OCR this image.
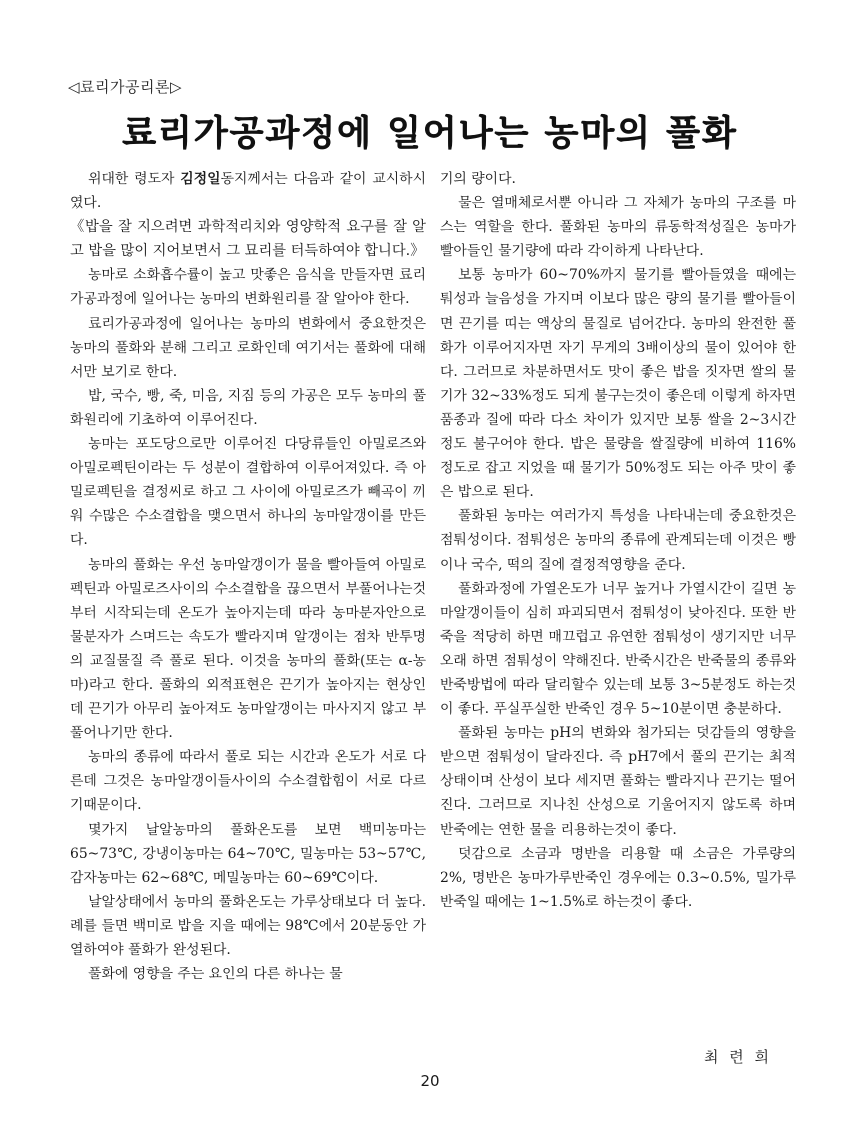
◁료리가공리론▷
료리가공과정에 일어나는 농마의 풀화

위대한 령도자 김정일동지께서는 다음과 같이 교시하시였다.

《밥을 잘 지으려면 과학적리치와 영양학적 요구를 잘 알고 밥을 많이 지어보면서 그 묘리를 터득하여야 합니다.》

농마로 소화흡수률이 높고 맛좋은 음식을 만들자면 료리가공과정에 일어나는 농마의 변화원리를 잘 알아야 한다.

료리가공과정에 일어나는 농마의 변화에서 중요한것은 농마의 풀화와 분해 그리고 로화인데 여기서는 풀화에 대해서만 보기로 한다.

밥, 국수, 빵, 죽, 미음, 지짐 등의 가공은 모두 농마의 풀화원리에 기초하여 이루어진다.

농마는 포도당으로만 이루어진 다당류들인 아밀로즈와 아밀로펙틴이라는 두 성분이 결합하여 이루어져있다. 즉 아밀로펙틴을 결정씨로 하고 그 사이에 아밀로즈가 빼곡이 끼워 수많은 수소결합을 맺으면서 하나의 농마알갱이를 만든다.

농마의 풀화는 우선 농마알갱이가 물을 빨아들여 아밀로펙틴과 아밀로즈사이의 수소결합을 끊으면서 부풀어나는것부터 시작되는데 온도가 높아지는데 따라 농마분자안으로 물분자가 스며드는 속도가 빨라지며 알갱이는 점차 반투명의 교질물질 즉 풀로 된다. 이것을 농마의 풀화(또는 α-농마)라고 한다. 풀화의 외적표현은 끈기가 높아지는 현상인데 끈기가 아무리 높아져도 농마알갱이는 마사지지 않고 부풀어나기만 한다.

농마의 종류에 따라서 풀로 되는 시간과 온도가 서로 다른데 그것은 농마알갱이들사이의 수소결합힘이 서로 다르기때문이다.

몇가지 날알농마의 풀화온도를 보면 백미농마는 65~73℃, 강냉이농마는 64~70℃, 밀농마는 53~57℃, 감자농마는 62~68℃, 메밀농마는 60~69℃이다.

날알상태에서 농마의 풀화온도는 가루상태보다 더 높다. 례를 들면 백미로 밥을 지을 때에는 98℃에서 20분동안 가열하여야 풀화가 완성된다.

풀화에 영향을 주는 요인의 다른 하나는 물

기의 량이다.

물은 열매체로서뿐 아니라 그 자체가 농마의 구조를 마스는 역할을 한다. 풀화된 농마의 류동학적성질은 농마가 빨아들인 물기량에 따라 각이하게 나타난다.

보통 농마가 60~70%까지 물기를 빨아들였을 때에는 퉈성과 늘음성을 가지며 이보다 많은 량의 물기를 빨아들이면 끈기를 띠는 액상의 물질로 넘어간다. 농마의 완전한 풀화가 이루어지자면 자기 무게의 3배이상의 물이 있어야 한다. 그러므로 차분하면서도 맛이 좋은 밥을 짓자면 쌀의 물기가 32~33%정도 되게 불구는것이 좋은데 이렇게 하자면 품종과 질에 따라 다소 차이가 있지만 보통 쌀을 2~3시간 정도 불구어야 한다. 밥은 물량을 쌀질량에 비하여 116%정도로 잡고 지었을 때 물기가 50%정도 되는 아주 맛이 좋은 밥으로 된다.

풀화된 농마는 여러가지 특성을 나타내는데 중요한것은 점퉈성이다. 점퉈성은 농마의 종류에 관계되는데 이것은 빵이나 국수, 떡의 질에 결정적영향을 준다.

풀화과정에 가열온도가 너무 높거나 가열시간이 길면 농마알갱이들이 심히 파괴되면서 점퉈성이 낮아진다. 또한 반죽을 적당히 하면 매끄럽고 유연한 점퉈성이 생기지만 너무 오래 하면 점퉈성이 약해진다. 반죽시간은 반죽물의 종류와 반죽방법에 따라 달리할수 있는데 보통 3~5분정도 하는것이 좋다. 푸실푸실한 반죽인 경우 5~10분이면 충분하다.

풀화된 농마는 pH의 변화와 첨가되는 덧감들의 영향을 받으면 점퉈성이 달라진다. 즉 pH7에서 풀의 끈기는 최적상태이며 산성이 보다 세지면 풀화는 빨라지나 끈기는 떨어진다. 그러므로 지나친 산성으로 기울어지지 않도록 하며 반죽에는 연한 물을 리용하는것이 좋다.

덧감으로 소금과 명반을 리용할 때 소금은 가루량의 2%, 명반은 농마가루반죽인 경우에는 0.3~0.5%, 밀가루반죽일 때에는 1~1.5%로 하는것이 좋다.

최 련 희
20
